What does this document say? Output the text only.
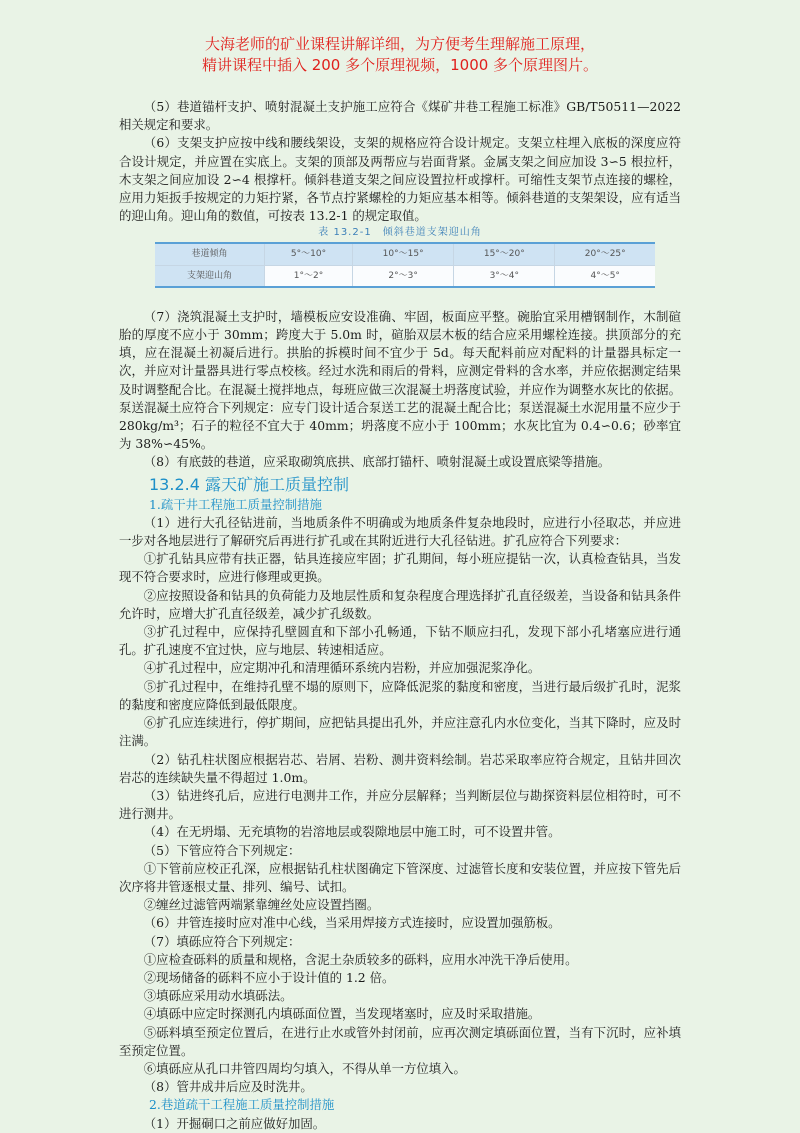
大海老师的矿业课程讲解详细，为方便考生理解施工原理，
精讲课程中插入 200 多个原理视频，1000 多个原理图片。

（5）巷道锚杆支护、喷射混凝土支护施工应符合《煤矿井巷工程施工标准》GB/T50511—2022 相关规定和要求。

（6）支架支护应按中线和腰线架设，支架的规格应符合设计规定。支架立柱埋入底板的深度应符合设计规定，并应置在实底上。支架的顶部及两帮应与岩面背紧。金属支架之间应加设 3∽5 根拉杆，木支架之间应加设 2∽4 根撑杆。倾斜巷道支架之间应设置拉杆或撑杆。可缩性支架节点连接的螺栓，应用力矩扳手按规定的力矩拧紧，各节点拧紧螺栓的力矩应基本相等。倾斜巷道的支架架设，应有适当的迎山角。迎山角的数值，可按表 13.2-1 的规定取值。

表 13.2-1　倾斜巷道支架迎山角
巷道倾角	5°～10°	10°～15°	15°～20°	20°～25°
支架迎山角	1°～2°	2°～3°	3°～4°	4°～5°

（7）浇筑混凝土支护时，墙模板应安设准确、牢固，板面应平整。碗胎宜采用槽钢制作，木制碹胎的厚度不应小于 30mm；跨度大于 5.0m 时，碹胎双层木板的结合应采用螺栓连接。拱顶部分的充填，应在混凝土初凝后进行。拱胎的拆模时间不宜少于 5d。每天配料前应对配料的计量器具标定一次，并应对计量器具进行零点校核。经过水洗和雨后的骨料，应测定骨料的含水率，并应依据测定结果及时调整配合比。在混凝土搅拌地点，每班应做三次混凝土坍落度试验，并应作为调整水灰比的依据。泵送混凝土应符合下列规定：应专门设计适合泵送工艺的混凝土配合比；泵送混凝土水泥用量不应少于 280kg/m³；石子的粒径不宜大于 40mm；坍落度不应小于 100mm；水灰比宜为 0.4∽0.6；砂率宜为 38%∽45%。

（8）有底鼓的巷道，应采取砌筑底拱、底部打锚杆、喷射混凝土或设置底梁等措施。

13.2.4 露天矿施工质量控制
1.疏干井工程施工质量控制措施

（1）进行大孔径钻进前，当地质条件不明确或为地质条件复杂地段时，应进行小径取芯，并应进一步对各地层进行了解研究后再进行扩孔或在其附近进行大孔径钻进。扩孔应符合下列要求：

①扩孔钻具应带有扶正器，钻具连接应牢固；扩孔期间，每小班应提钻一次，认真检查钻具，当发现不符合要求时，应进行修理或更换。

②应按照设备和钻具的负荷能力及地层性质和复杂程度合理选择扩孔直径级差，当设备和钻具条件允许时，应增大扩孔直径级差，减少扩孔级数。

③扩孔过程中，应保持孔壁圆直和下部小孔畅通，下钻不顺应扫孔，发现下部小孔堵塞应进行通孔。扩孔速度不宜过快，应与地层、转速相适应。

④扩孔过程中，应定期冲孔和清理循环系统内岩粉，并应加强泥浆净化。

⑤扩孔过程中，在维持孔壁不塌的原则下，应降低泥浆的黏度和密度，当进行最后级扩孔时，泥浆的黏度和密度应降低到最低限度。

⑥扩孔应连续进行，停扩期间，应把钻具提出孔外，并应注意孔内水位变化，当其下降时，应及时注满。

（2）钻孔柱状图应根据岩芯、岩屑、岩粉、测井资料绘制。岩芯采取率应符合规定，且钻井回次岩芯的连续缺失量不得超过 1.0m。

（3）钻进终孔后，应进行电测井工作，并应分层解释；当判断层位与勘探资料层位相符时，可不进行测井。

（4）在无坍塌、无充填物的岩溶地层或裂隙地层中施工时，可不设置井管。

（5）下管应符合下列规定：

①下管前应校正孔深，应根据钻孔柱状图确定下管深度、过滤管长度和安装位置，并应按下管先后次序将井管逐根丈量、排列、编号、试扣。

②缠丝过滤管两端紧靠缠丝处应设置挡圈。

（6）井管连接时应对准中心线，当采用焊接方式连接时，应设置加强筋板。

（7）填砾应符合下列规定：

①应检查砾料的质量和规格，含泥土杂质较多的砾料，应用水冲洗干净后使用。

②现场储备的砾料不应小于设计值的 1.2 倍。

③填砾应采用动水填砾法。

④填砾中应定时探测孔内填砾面位置，当发现堵塞时，应及时采取措施。

⑤砾料填至预定位置后，在进行止水或管外封闭前，应再次测定填砾面位置，当有下沉时，应补填至预定位置。

⑥填砾应从孔口井管四周均匀填入，不得从单一方位填入。

（8）管井成井后应及时洗井。

2.巷道疏干工程施工质量控制措施

（1）开掘硐口之前应做好加固。
